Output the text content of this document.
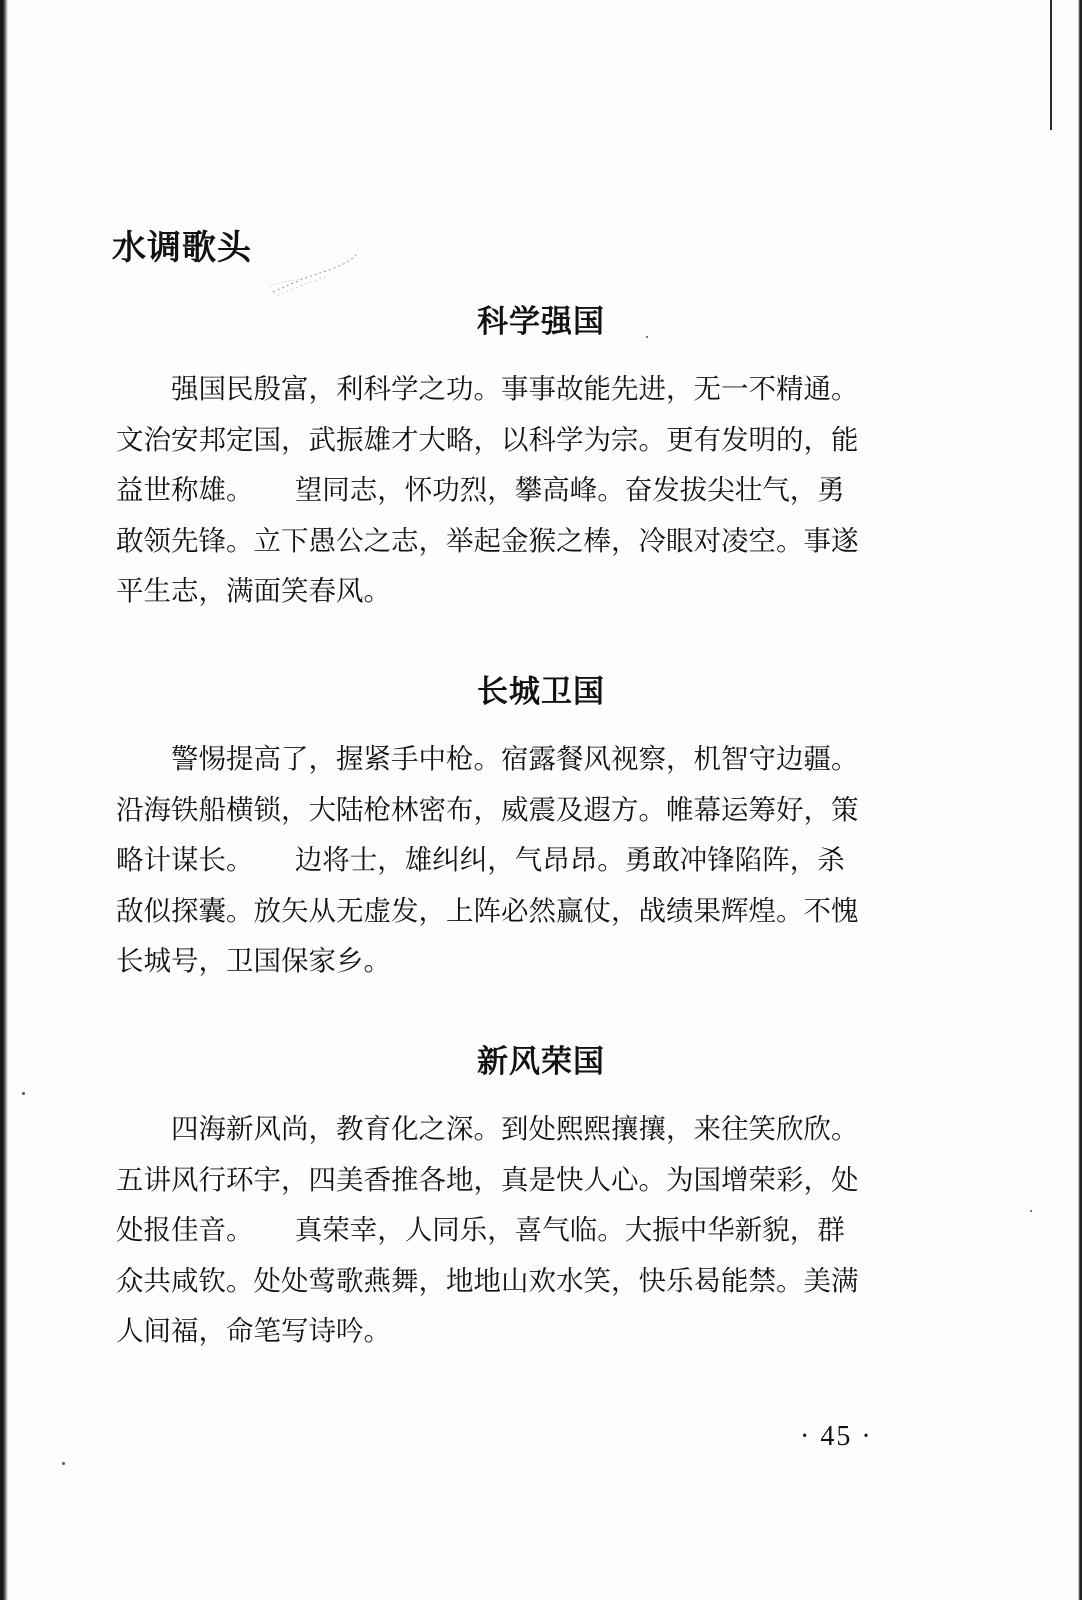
水调歌头
科学强国
　　强国民殷富，利科学之功。事事故能先进，无一不精通。
文治安邦定国，武振雄才大略，以科学为宗。更有发明的，能
益世称雄。　　望同志，怀功烈，攀高峰。奋发拔尖壮气，勇
敢领先锋。立下愚公之志，举起金猴之棒，冷眼对凌空。事遂
平生志，满面笑春风。
长城卫国
　　警惕提高了，握紧手中枪。宿露餐风视察，机智守边疆。
沿海铁船横锁，大陆枪林密布，威震及遐方。帷幕运筹好，策
略计谋长。　　边将士，雄纠纠，气昂昂。勇敢冲锋陷阵，杀
敌似探囊。放矢从无虚发，上阵必然赢仗，战绩果辉煌。不愧
长城号，卫国保家乡。
新风荣国
　　四海新风尚，教育化之深。到处熙熙攘攘，来往笑欣欣。
五讲风行环宇，四美香推各地，真是快人心。为国增荣彩，处
处报佳音。　　真荣幸，人同乐，喜气临。大振中华新貌，群
众共咸钦。处处莺歌燕舞，地地山欢水笑，快乐曷能禁。美满
人间福，命笔写诗吟。

· 45 ·
